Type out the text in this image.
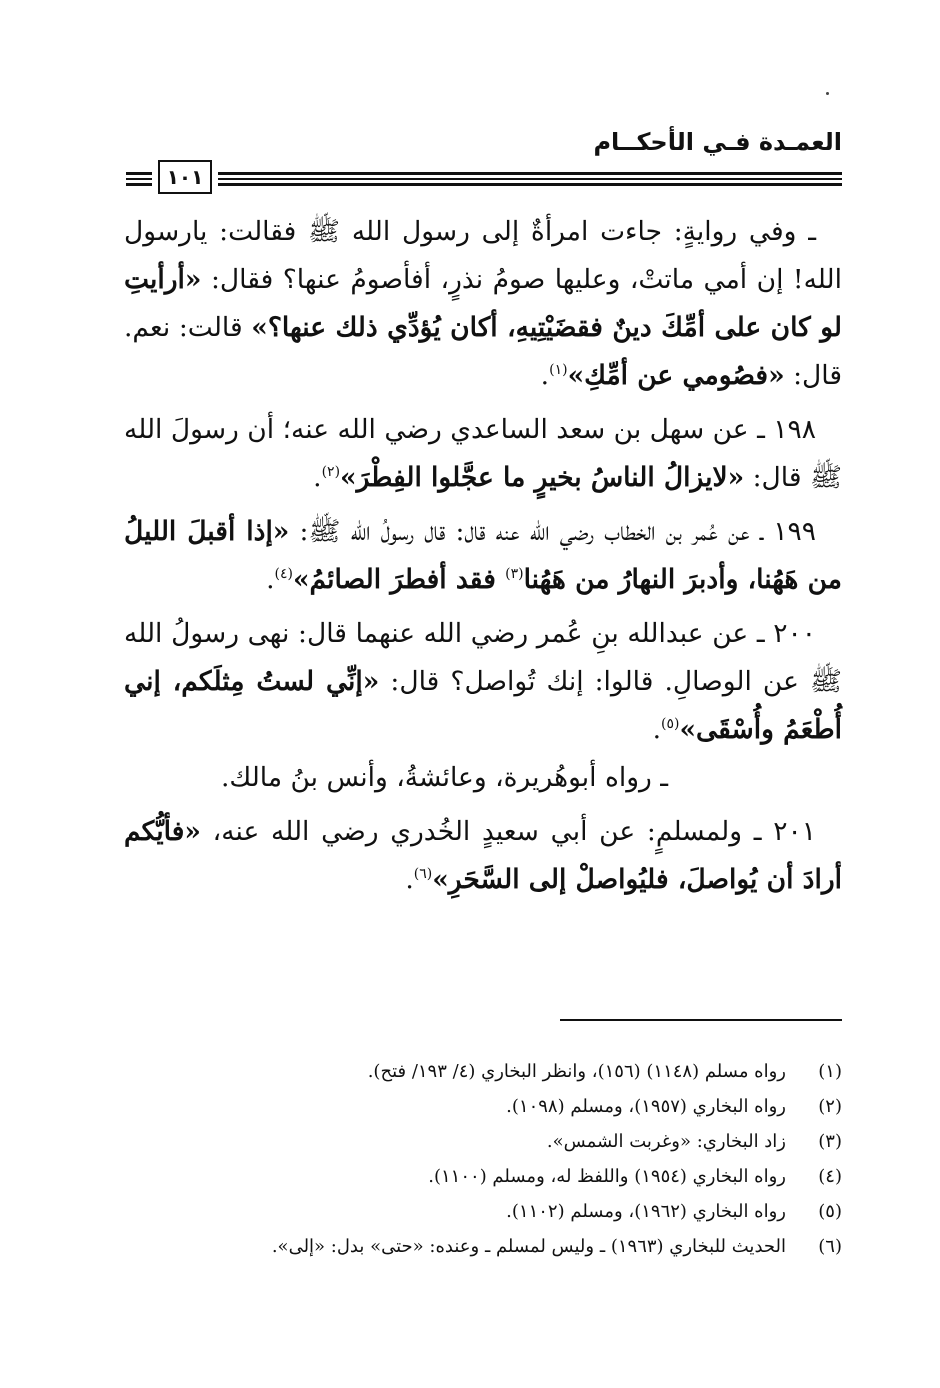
العمـدة فـي الأحكــام
١٠١

ـ وفي روايةٍ: جاءت امرأةٌ إلى رسول الله ﷺ فقالت: يارسول الله! إن أمي ماتتْ، وعليها صومُ نذرٍ، أفأصومُ عنها؟ فقال: «أرأيتِ لو كان على أمِّكَ دينٌ فقضَيْتِيهِ، أكان يُؤدِّي ذلك عنها؟» قالت: نعم. قال: «فصُومي عن أمِّكِ»$^{(١)}$.

١٩٨ ـ عن سهل بن سعد الساعدي رضي الله عنه؛ أن رسولَ الله ﷺ قال: «لايزالُ الناسُ بخيرٍ ما عجَّلوا الفِطْرَ»$^{(٢)}$.

١٩٩ ـ عن عُمر بن الخطاب رضي الله عنه قال: قال رسولُ الله ﷺ: «إذا أقبلَ الليلُ من هَهُنا، وأدبرَ النهارُ من هَهُنا$^{(٣)}$ فقد أفطرَ الصائمُ»$^{(٤)}$.

٢٠٠ ـ عن عبدالله بنِ عُمر رضي الله عنهما قال: نهى رسولُ الله ﷺ عن الوصالِ. قالوا: إنك تُواصل؟ قال: «إنِّي لستُ مِثلَكم، إني أُطْعَمُ وأُسْقَى»$^{(٥)}$.

ـ رواه أبوهُريرة، وعائشةُ، وأنس بنُ مالك.

٢٠١ ـ ولمسلمٍ: عن أبي سعيدٍ الخُدري رضي الله عنه، «فأيُّكم أرادَ أن يُواصلَ، فليُواصلْ إلى السَّحَرِ»$^{(٦)}$.

(١)
رواه مسلم (١١٤٨) (١٥٦)، وانظر البخاري (٤/ ١٩٣/ فتح).
(٢)
رواه البخاري (١٩٥٧)، ومسلم (١٠٩٨).
(٣)
زاد البخاري: «وغربت الشمس».
(٤)
رواه البخاري (١٩٥٤) واللفظ له، ومسلم (١١٠٠).
(٥)
رواه البخاري (١٩٦٢)، ومسلم (١١٠٢).
(٦)
الحديث للبخاري (١٩٦٣) ـ وليس لمسلم ـ وعنده: «حتى» بدل: «إلى».
